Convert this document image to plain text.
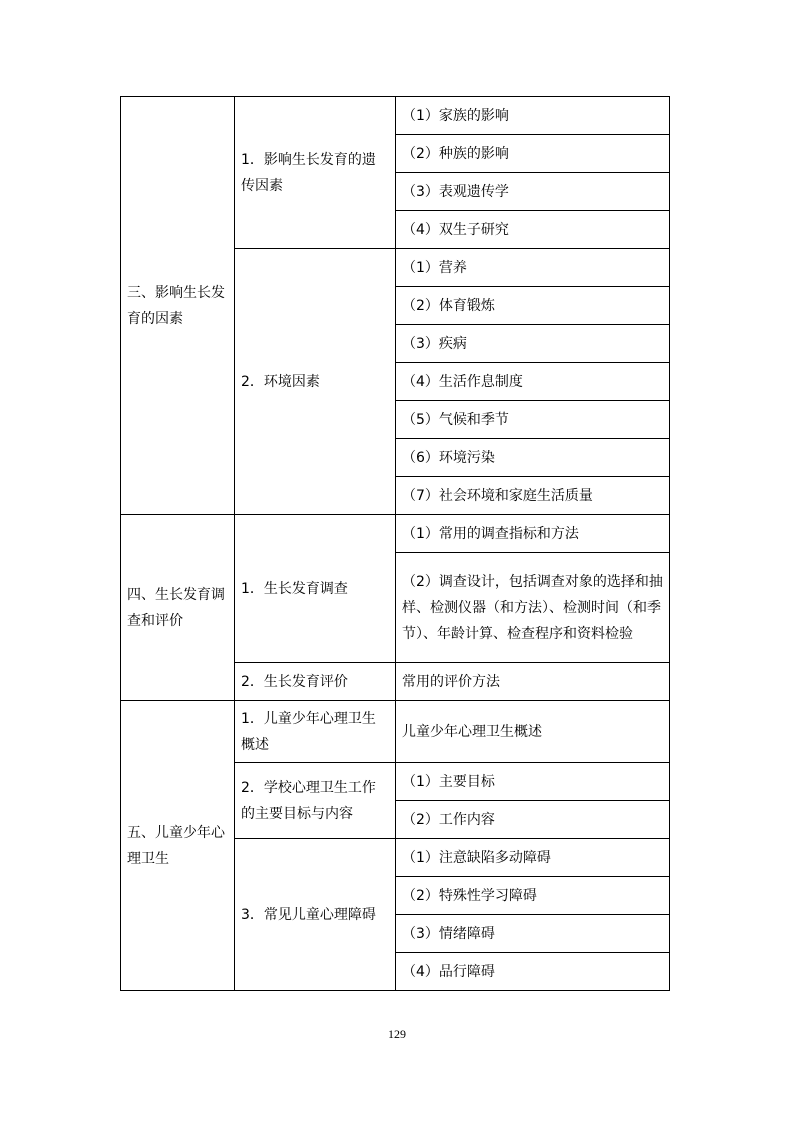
三、影响生长发育的因素	1．影响生长发育的遗传因素	（1）家族的影响
		（2）种族的影响
		（3）表观遗传学
		（4）双生子研究
	2．环境因素	（1）营养
		（2）体育锻炼
		（3）疾病
		（4）生活作息制度
		（5）气候和季节
		（6）环境污染
		（7）社会环境和家庭生活质量
四、生长发育调查和评价	1．生长发育调查	（1）常用的调查指标和方法
		（2）调查设计，包括调查对象的选择和抽样、检测仪器（和方法）、检测时间（和季节）、年龄计算、检查程序和资料检验
	2．生长发育评价	常用的评价方法
五、儿童少年心理卫生	1．儿童少年心理卫生概述	儿童少年心理卫生概述
	2．学校心理卫生工作的主要目标与内容	（1）主要目标
		（2）工作内容
	3．常见儿童心理障碍	（1）注意缺陷多动障碍
		（2）特殊性学习障碍
		（3）情绪障碍
		（4）品行障碍
129
